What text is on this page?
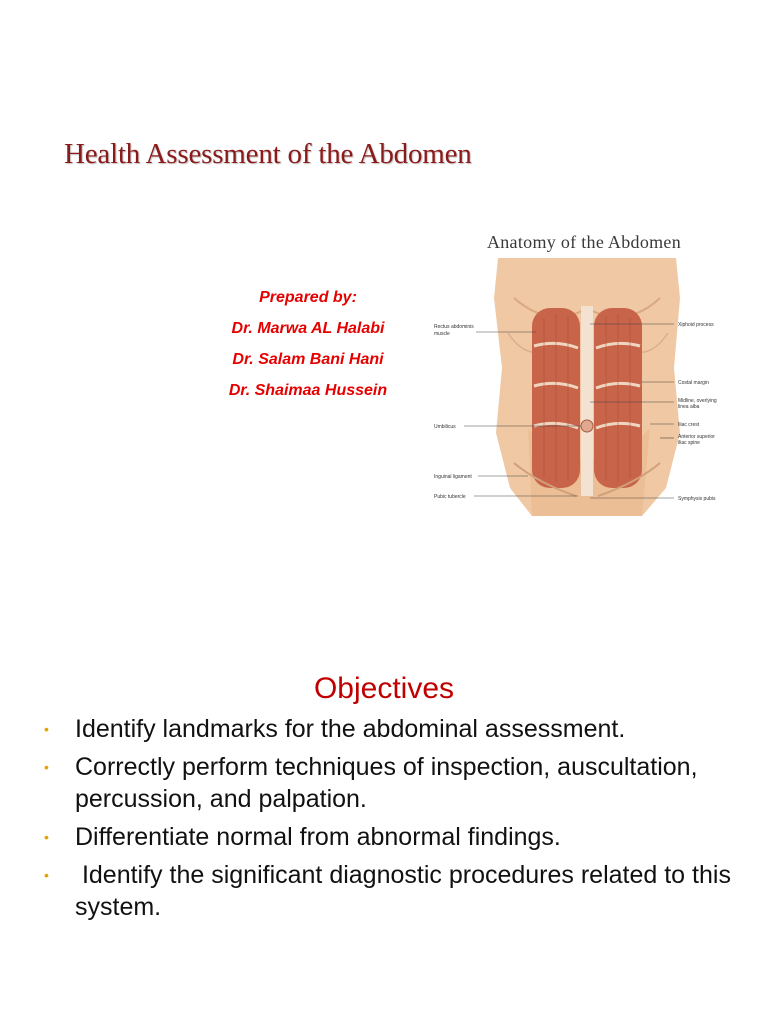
Health Assessment of the Abdomen
Prepared by:
Dr. Marwa AL Halabi
Dr. Salam Bani Hani
Dr. Shaimaa Hussein
Anatomy of the Abdomen
Rectus abdominis
muscle
Umbilicus
Inguinal ligament
Pubic tubercle
Xiphoid process
Costal margin
Midline, overlying
linea alba
Iliac crest
Anterior superior
iliac spine
Symphysis pubis
Objectives
• Identify landmarks for the abdominal assessment.
• Correctly perform techniques of inspection, auscultation, percussion, and palpation.
• Differentiate normal from abnormal findings.
• Identify the significant diagnostic procedures related to this system.
